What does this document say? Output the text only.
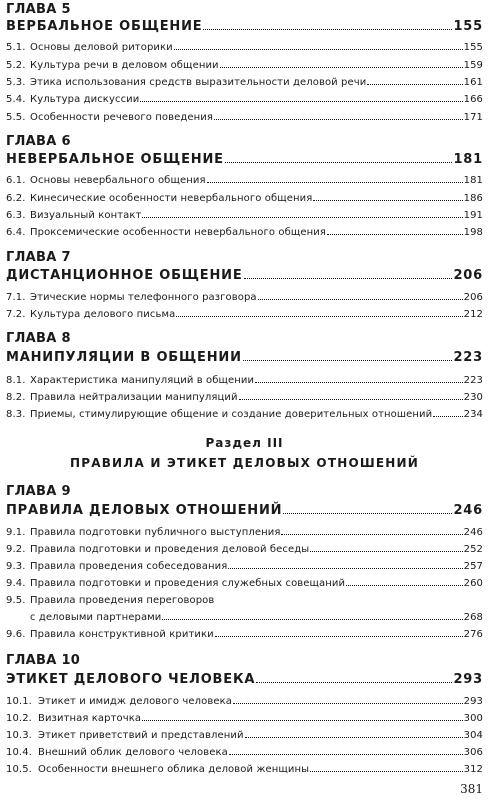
ГЛАВА 5
ВЕРБАЛЬНОЕ ОБЩЕНИЕ	155
5.1. Основы деловой риторики	155
5.2. Культура речи в деловом общении	159
5.3. Этика использования средств выразительности деловой речи	161
5.4. Культура дискуссии	166
5.5. Особенности речевого поведения	171
ГЛАВА 6
НЕВЕРБАЛЬНОЕ ОБЩЕНИЕ	181
6.1. Основы невербального общения	181
6.2. Кинесические особенности невербального общения	186
6.3. Визуальный контакт	191
6.4. Проксемические особенности невербального общения	198
ГЛАВА 7
ДИСТАНЦИОННОЕ ОБЩЕНИЕ	206
7.1. Этические нормы телефонного разговора	206
7.2. Культура делового письма	212
ГЛАВА 8
МАНИПУЛЯЦИИ В ОБЩЕНИИ	223
8.1. Характеристика манипуляций в общении	223
8.2. Правила нейтрализации манипуляций	230
8.3. Приемы, стимулирующие общение и создание доверительных отношений	234
Раздел III
ПРАВИЛА И ЭТИКЕТ ДЕЛОВЫХ ОТНОШЕНИЙ
ГЛАВА 9
ПРАВИЛА ДЕЛОВЫХ ОТНОШЕНИЙ	246
9.1. Правила подготовки публичного выступления	246
9.2. Правила подготовки и проведения деловой беседы	252
9.3. Правила проведения собеседования	257
9.4. Правила подготовки и проведения служебных совещаний	260
9.5. Правила проведения переговоров
с деловыми партнерами	268
9.6. Правила конструктивной критики	276
ГЛАВА 10
ЭТИКЕТ ДЕЛОВОГО ЧЕЛОВЕКА	293
10.1. Этикет и имидж делового человека	293
10.2. Визитная карточка	300
10.3. Этикет приветствий и представлений	304
10.4. Внешний облик делового человека	306
10.5. Особенности внешнего облика деловой женщины	312
381
